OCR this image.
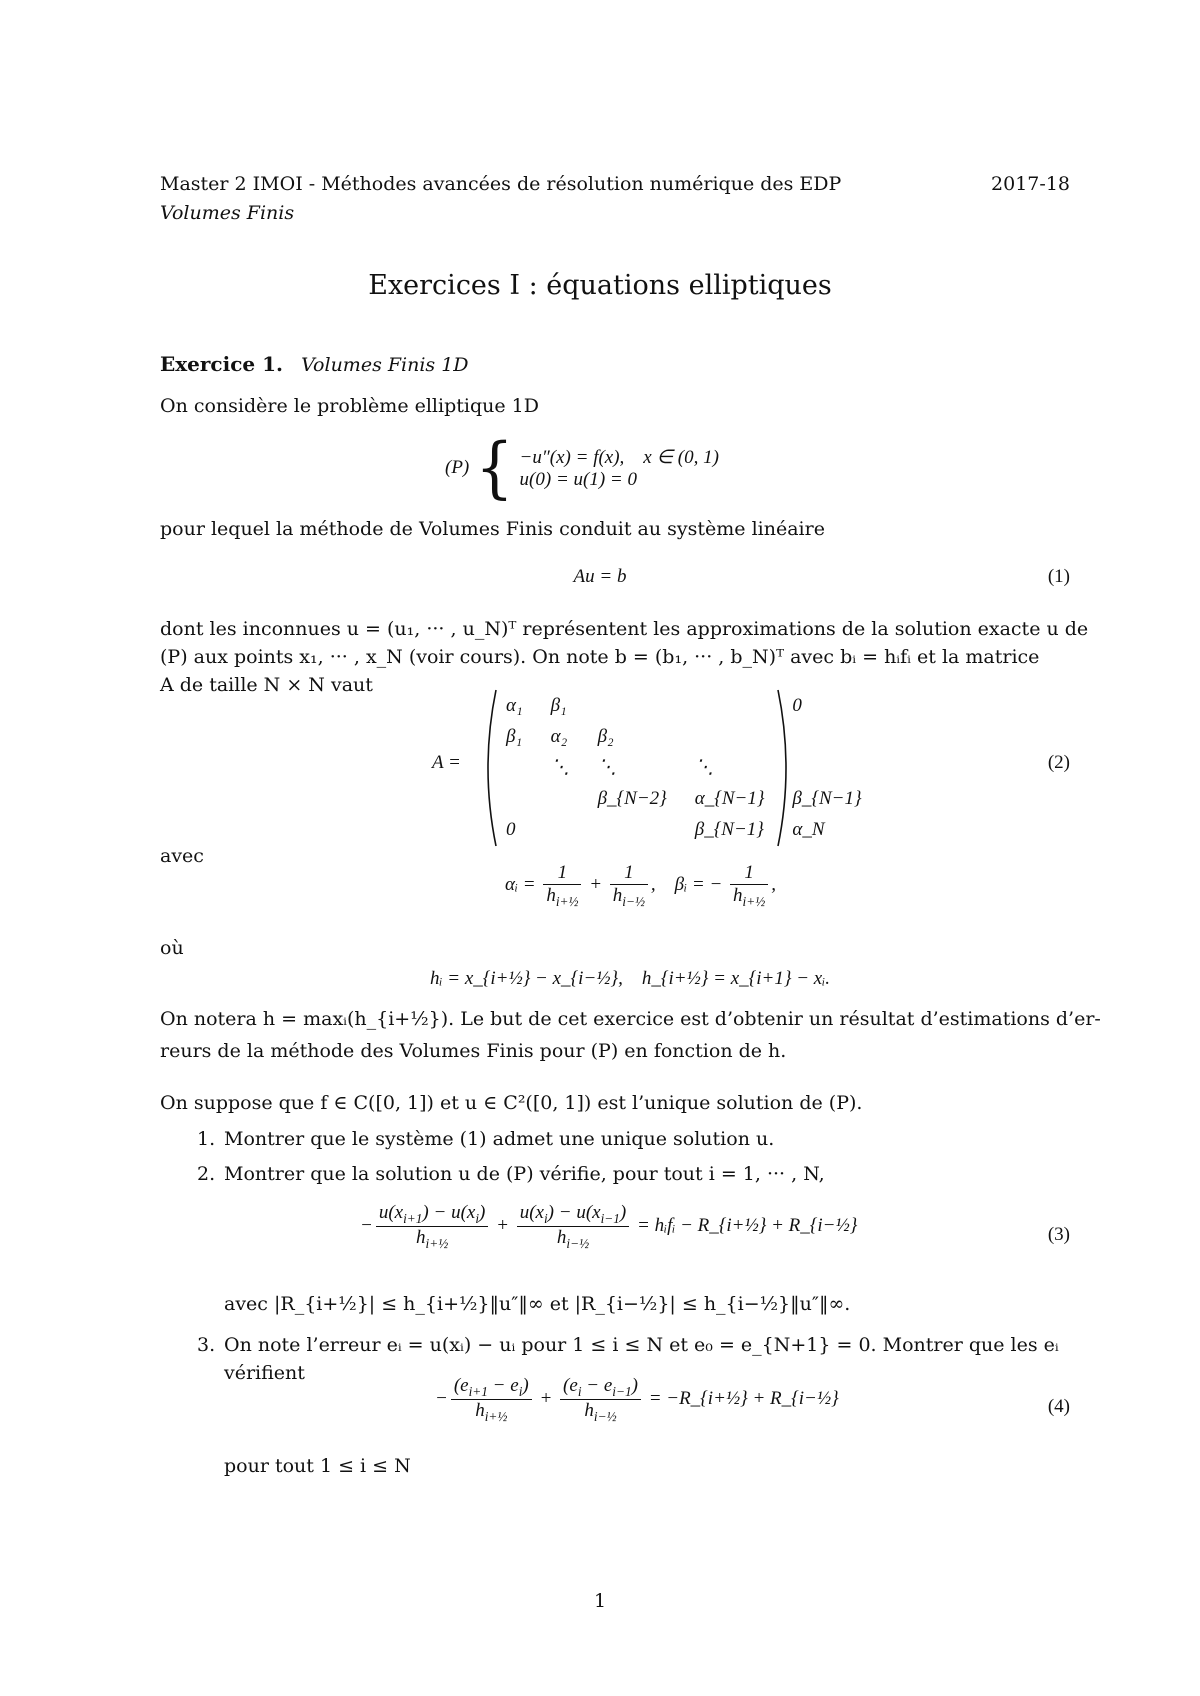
Master 2 IMOI - Méthodes avancées de résolution numérique des EDP	2017-18
Volumes Finis
Exercices I : équations elliptiques
Exercice 1. Volumes Finis 1D
On considère le problème elliptique 1D
(P) { −u″(x) = f(x),    x ∈ (0, 1)
u(0) = u(1) = 0
pour lequel la méthode de Volumes Finis conduit au système linéaire
Au = b	(1)
dont les inconnues u = (u₁, ··· , u_N)ᵀ représentent les approximations de la solution exacte u de
(P) aux points x₁, ··· , x_N (voir cours). On note b = (b₁, ··· , b_N)ᵀ avec bᵢ = hᵢfᵢ et la matrice
A de taille N × N vaut
A =
α₁	β₁			0
β₁	α₂	β₂		
	⋱	⋱	⋱	
		β_{N−2}	α_{N−1}	β_{N−1}
0			β_{N−1}	α_N
(2)
avec
αᵢ = $\frac{1}{h_{i+\frac{1}{2}}} + \frac{1}{h_{i-\frac{1}{2}}}$ ,    βᵢ = − $\frac{1}{h_{i+\frac{1}{2}}}$ ,
où
hᵢ = x_{i+½} − x_{i−½},    h_{i+½} = x_{i+1} − xᵢ.
On notera h = maxᵢ(h_{i+½}). Le but de cet exercice est d’obtenir un résultat d’estimations d’er-
reurs de la méthode des Volumes Finis pour (P) en fonction de h.
On suppose que f ∈ C([0, 1]) et u ∈ C²([0, 1]) est l’unique solution de (P).
1. Montrer que le système (1) admet une unique solution u.
2. Montrer que la solution u de (P) vérifie, pour tout i = 1, ··· , N,
− $\frac{u(x_{i+1}) - u(x_i)}{h_{i+\frac{1}{2}}} + \frac{u(x_i) - u(x_{i-1})}{h_{i-\frac{1}{2}}}$ = hᵢfᵢ − R_{i+½} + R_{i−½}	(3)
avec |R_{i+½}| ≤ h_{i+½}‖u″‖∞ et |R_{i−½}| ≤ h_{i−½}‖u″‖∞.
3. On note l’erreur eᵢ = u(xᵢ) − uᵢ pour 1 ≤ i ≤ N et e₀ = e_{N+1} = 0. Montrer que les eᵢ
vérifient
− $\frac{(e_{i+1} - e_i)}{h_{i+\frac{1}{2}}} + \frac{(e_i - e_{i-1})}{h_{i-\frac{1}{2}}}$ = −R_{i+½} + R_{i−½}	(4)
pour tout 1 ≤ i ≤ N
1
